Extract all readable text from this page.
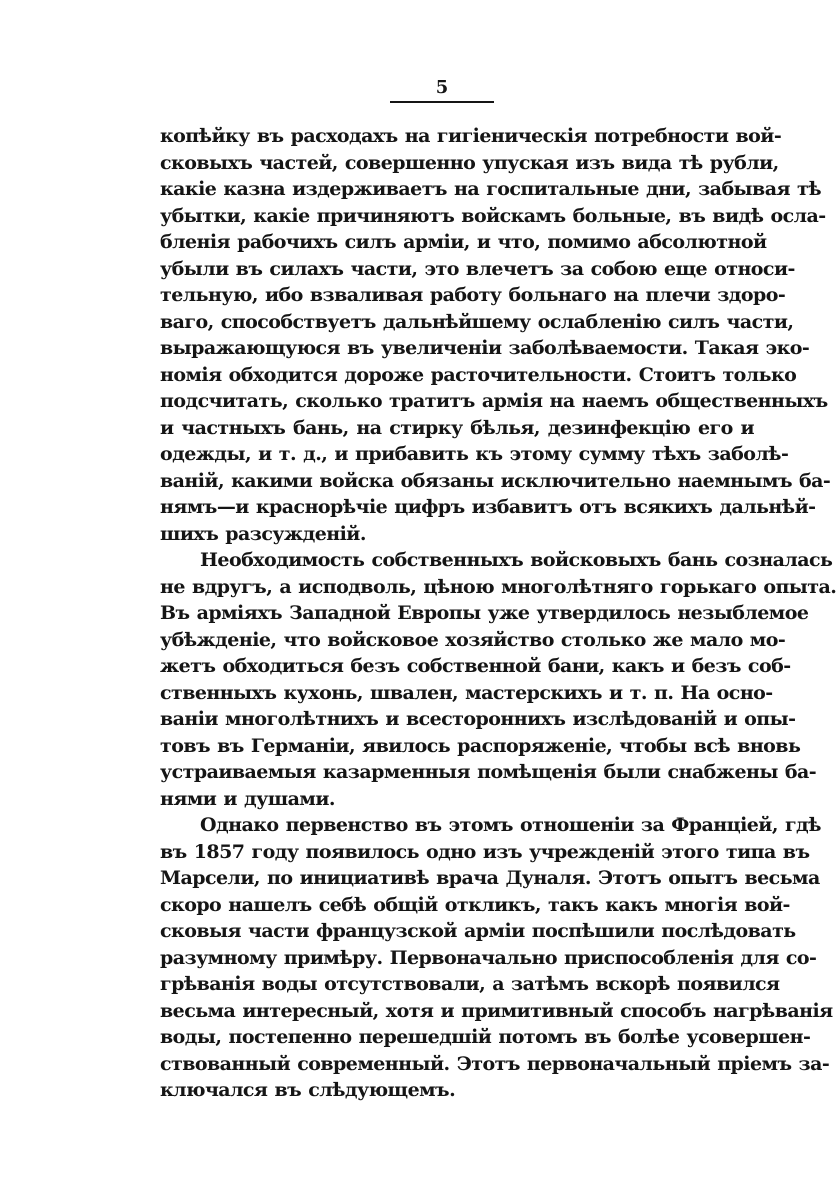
5
копѣйку въ расходахъ на гигіеническія потребности вой-
сковыхъ частей, совершенно упуская изъ вида тѣ рубли,
какіе казна издерживаетъ на госпитальные дни, забывая тѣ
убытки, какіе причиняютъ войскамъ больные, въ видѣ осла-
бленія рабочихъ силъ арміи, и что, помимо абсолютной
убыли въ силахъ части, это влечетъ за собою еще относи-
тельную, ибо взваливая работу больнаго на плечи здоро-
ваго, способствуетъ дальнѣйшему ослабленію силъ части,
выражающуюся въ увеличеніи заболѣваемости. Такая эко-
номія обходится дороже расточительности. Стоитъ только
подсчитать, сколько тратитъ армія на наемъ общественныхъ
и частныхъ бань, на стирку бѣлья, дезинфекцію его и
одежды, и т. д., и прибавить къ этому сумму тѣхъ заболѣ-
ваній, какими войска обязаны исключительно наемнымъ ба-
нямъ—и краснорѣчіе цифръ избавитъ отъ всякихъ дальнѣй-
шихъ разсужденій.
Необходимость собственныхъ войсковыхъ бань созналась
не вдругъ, а исподволь, цѣною многолѣтняго горькаго опыта.
Въ арміяхъ Западной Европы уже утвердилось незыблемое
убѣжденіе, что войсковое хозяйство столько же мало мо-
жетъ обходиться безъ собственной бани, какъ и безъ соб-
ственныхъ кухонь, швален, мастерскихъ и т. п. На осно-
ваніи многолѣтнихъ и всестороннихъ изслѣдованій и опы-
товъ въ Германіи, явилось распоряженіе, чтобы всѣ вновь
устраиваемыя казарменныя помѣщенія были снабжены ба-
нями и душами.
Однако первенство въ этомъ отношеніи за Франціей, гдѣ
въ 1857 году появилось одно изъ учрежденій этого типа въ
Марсели, по инициативѣ врача Дуналя. Этотъ опытъ весьма
скоро нашелъ себѣ общій откликъ, такъ какъ многія вой-
сковыя части французской арміи поспѣшили послѣдовать
разумному примѣру. Первоначально приспособленія для со-
грѣванія воды отсутствовали, а затѣмъ вскорѣ появился
весьма интересный, хотя и примитивный способъ нагрѣванія
воды, постепенно перешедшій потомъ въ болѣе усовершен-
ствованный современный. Этотъ первоначальный пріемъ за-
ключался въ слѣдующемъ.
